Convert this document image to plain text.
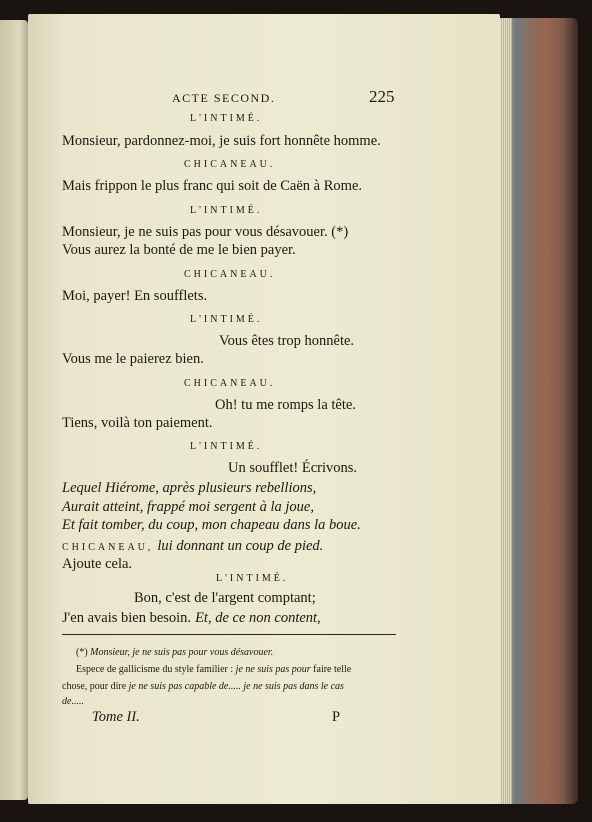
ACTE SECOND.	225
L'INTIMÉ.
Monsieur, pardonnez-moi, je suis fort honnête homme.
CHICANEAU.
Mais frippon le plus franc qui soit de Caën à Rome.
L'INTIMÉ.
Monsieur, je ne suis pas pour vous désavouer. (*)
Vous aurez la bonté de me le bien payer.
CHICANEAU.
Moi, payer! En soufflets.
L'INTIMÉ.
Vous êtes trop honnête.
Vous me le paierez bien.
CHICANEAU.
Oh! tu me romps la tête.
Tiens, voilà ton paiement.
L'INTIMÉ.
Un soufflet! Écrivons.
Lequel Hiérome, après plusieurs rebellions,
Aurait atteint, frappé moi sergent à la joue,
Et fait tomber, du coup, mon chapeau dans la boue.
CHICANEAU, lui donnant un coup de pied.
Ajoute cela.
L'INTIMÉ.
Bon, c'est de l'argent comptant;
J'en avais bien besoin. Et, de ce non content,
(*) Monsieur, je ne suis pas pour vous désavouer.
Espece de gallicisme du style familier : je ne suis pas pour faire telle
chose, pour dire je ne suis pas capable de..... je ne suis pas dans le cas
de.....
Tome II.	P
